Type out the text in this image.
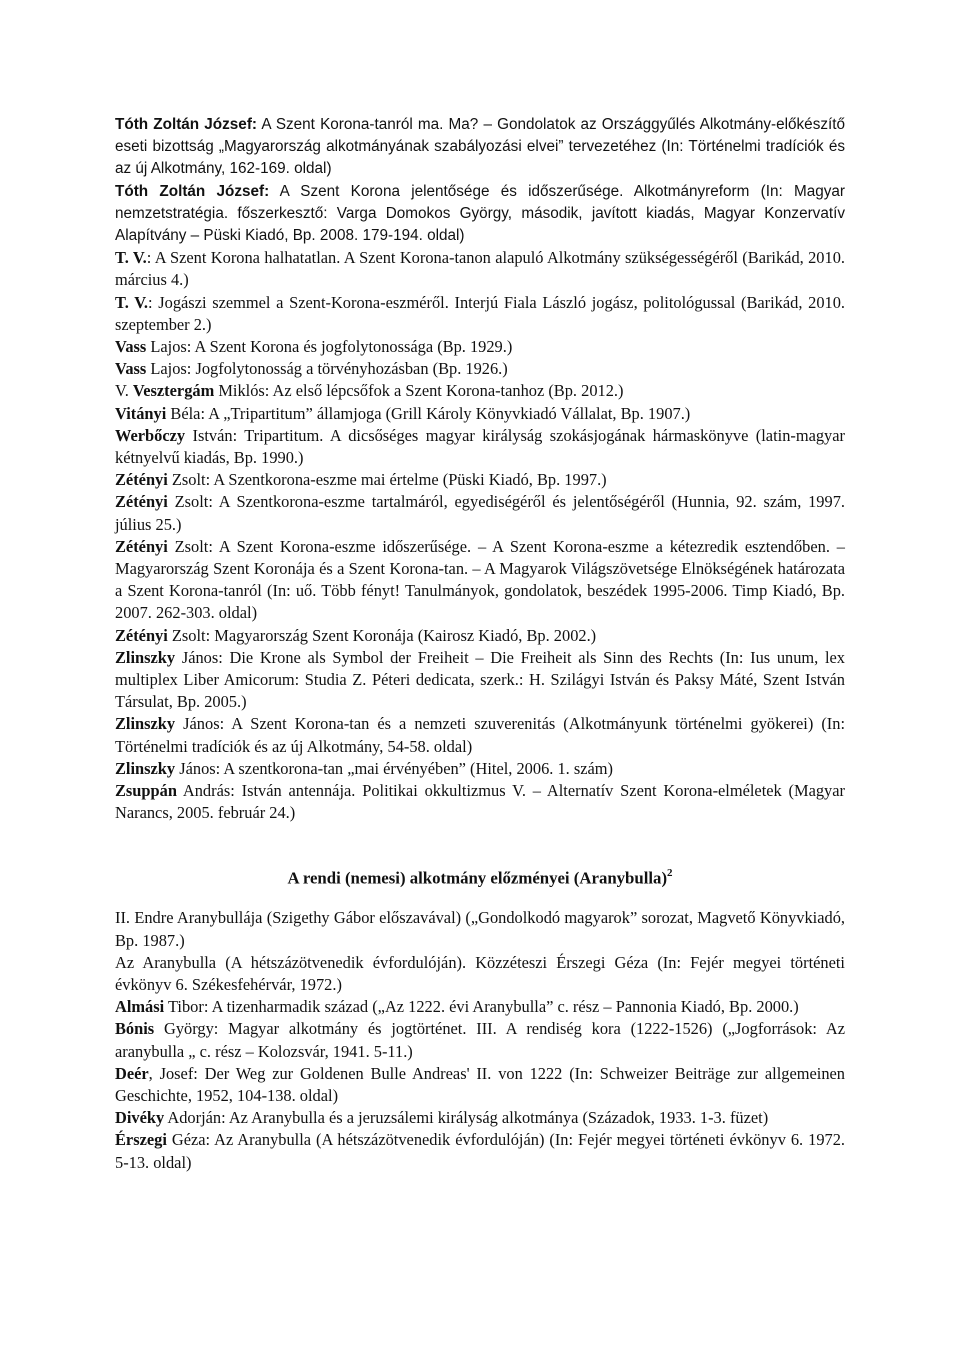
Tóth Zoltán József: A Szent Korona-tanról ma. Ma? – Gondolatok az Országgyűlés Alkotmány-előkészítő eseti bizottság „Magyarország alkotmányának szabályozási elvei” tervezetéhez (In: Történelmi tradíciók és az új Alkotmány, 162-169. oldal)

Tóth Zoltán József: A Szent Korona jelentősége és időszerűsége. Alkotmányreform (In: Magyar nemzetstratégia. főszerkesztő: Varga Domokos György, második, javított kiadás, Magyar Konzervatív Alapítvány – Püski Kiadó, Bp. 2008. 179-194. oldal)

T. V.: A Szent Korona halhatatlan. A Szent Korona-tanon alapuló Alkotmány szükségességéről (Barikád, 2010. március 4.)

T. V.: Jogászi szemmel a Szent-Korona-eszméről. Interjú Fiala László jogász, politológussal (Barikád, 2010. szeptember 2.)

Vass Lajos: A Szent Korona és jogfolytonossága (Bp. 1929.)

Vass Lajos: Jogfolytonosság a törvényhozásban (Bp. 1926.)

V. Vesztergám Miklós: Az első lépcsőfok a Szent Korona-tanhoz (Bp. 2012.)

Vitányi Béla: A „Tripartitum” államjoga (Grill Károly Könyvkiadó Vállalat, Bp. 1907.)

Werbőczy István: Tripartitum. A dicsőséges magyar királyság szokásjogának hármaskönyve (latin-magyar kétnyelvű kiadás, Bp. 1990.)

Zétényi Zsolt: A Szentkorona-eszme mai értelme (Püski Kiadó, Bp. 1997.)

Zétényi Zsolt: A Szentkorona-eszme tartalmáról, egyediségéről és jelentőségéről (Hunnia, 92. szám, 1997. július 25.)

Zétényi Zsolt: A Szent Korona-eszme időszerűsége. – A Szent Korona-eszme a kétezredik esztendőben. – Magyarország Szent Koronája és a Szent Korona-tan. – A Magyarok Világszövetsége Elnökségének határozata a Szent Korona-tanról (In: uő. Több fényt! Tanulmányok, gondolatok, beszédek 1995-2006. Timp Kiadó, Bp. 2007. 262-303. oldal)

Zétényi Zsolt: Magyarország Szent Koronája (Kairosz Kiadó, Bp. 2002.)

Zlinszky János: Die Krone als Symbol der Freiheit – Die Freiheit als Sinn des Rechts (In: Ius unum, lex multiplex Liber Amicorum: Studia Z. Péteri dedicata, szerk.: H. Szilágyi István és Paksy Máté, Szent István Társulat, Bp. 2005.)

Zlinszky János: A Szent Korona-tan és a nemzeti szuverenitás (Alkotmányunk történelmi gyökerei) (In: Történelmi tradíciók és az új Alkotmány, 54-58. oldal)

Zlinszky János: A szentkorona-tan „mai érvényében” (Hitel, 2006. 1. szám)

Zsuppán András: István antennája. Politikai okkultizmus V. – Alternatív Szent Korona-elméletek (Magyar Narancs, 2005. február 24.)

A rendi (nemesi) alkotmány előzményei (Aranybulla)$^2$

II. Endre Aranybullája (Szigethy Gábor előszavával) („Gondolkodó magyarok” sorozat, Magvető Könyvkiadó, Bp. 1987.)

Az Aranybulla (A hétszázötvenedik évfordulóján). Közzéteszi Érszegi Géza (In: Fejér megyei történeti évkönyv 6. Székesfehérvár, 1972.)

Almási Tibor: A tizenharmadik század („Az 1222. évi Aranybulla” c. rész – Pannonia Kiadó, Bp. 2000.)

Bónis György: Magyar alkotmány és jogtörténet. III. A rendiség kora (1222-1526) („Jogforrások: Az aranybulla „ c. rész – Kolozsvár, 1941. 5-11.)

Deér, Josef: Der Weg zur Goldenen Bulle Andreas' II. von 1222 (In: Schweizer Beiträge zur allgemeinen Geschichte, 1952, 104-138. oldal)

Divéky Adorján: Az Aranybulla és a jeruzsálemi királyság alkotmánya (Századok, 1933. 1-3. füzet)

Érszegi Géza: Az Aranybulla (A hétszázötvenedik évfordulóján) (In: Fejér megyei történeti évkönyv 6. 1972. 5-13. oldal)
